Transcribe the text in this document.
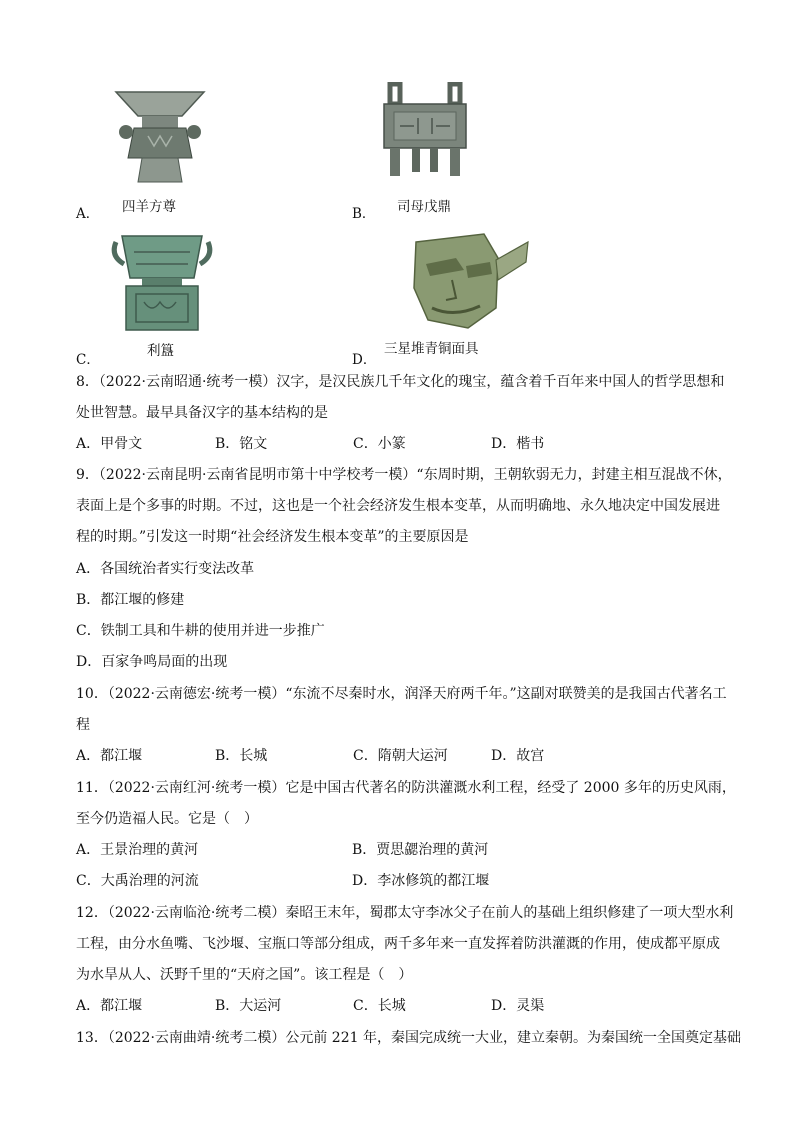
A． 四羊方尊	B． 司母戊鼎
C．
利簋
D．
三星堆青铜面具
8．（2022·云南昭通·统考一模）汉字，是汉民族几千年文化的瑰宝，蕴含着千百年来中国人的哲学思想和
处世智慧。最早具备汉字的基本结构的是
A．甲骨文	B．铭文	C．小篆	D．楷书
9．（2022·云南昆明·云南省昆明市第十中学校考一模）“东周时期，王朝软弱无力，封建主相互混战不休，
表面上是个多事的时期。不过，这也是一个社会经济发生根本变革，从而明确地、永久地决定中国发展进
程的时期。”引发这一时期“社会经济发生根本变革”的主要原因是
A．各国统治者实行变法改革
B．都江堰的修建
C．铁制工具和牛耕的使用并进一步推广
D．百家争鸣局面的出现
10．（2022·云南德宏·统考一模）“东流不尽秦时水，润泽天府两千年。”这副对联赞美的是我国古代著名工
程
A．都江堰	B．长城	C．隋朝大运河	D．故宫
11．（2022·云南红河·统考一模）它是中国古代著名的防洪灌溉水利工程，经受了 2000 多年的历史风雨，
至今仍造福人民。它是（　）
A．王景治理的黄河	B．贾思勰治理的黄河
C．大禹治理的河流	D．李冰修筑的都江堰
12．（2022·云南临沧·统考二模）秦昭王末年，蜀郡太守李冰父子在前人的基础上组织修建了一项大型水利
工程，由分水鱼嘴、飞沙堰、宝瓶口等部分组成，两千多年来一直发挥着防洪灌溉的作用，使成都平原成
为水旱从人、沃野千里的“天府之国”。该工程是（　）
A．都江堰	B．大运河	C．长城	D．灵渠
13．（2022·云南曲靖·统考二模）公元前 221 年，秦国完成统一大业，建立秦朝。为秦国统一全国奠定基础
